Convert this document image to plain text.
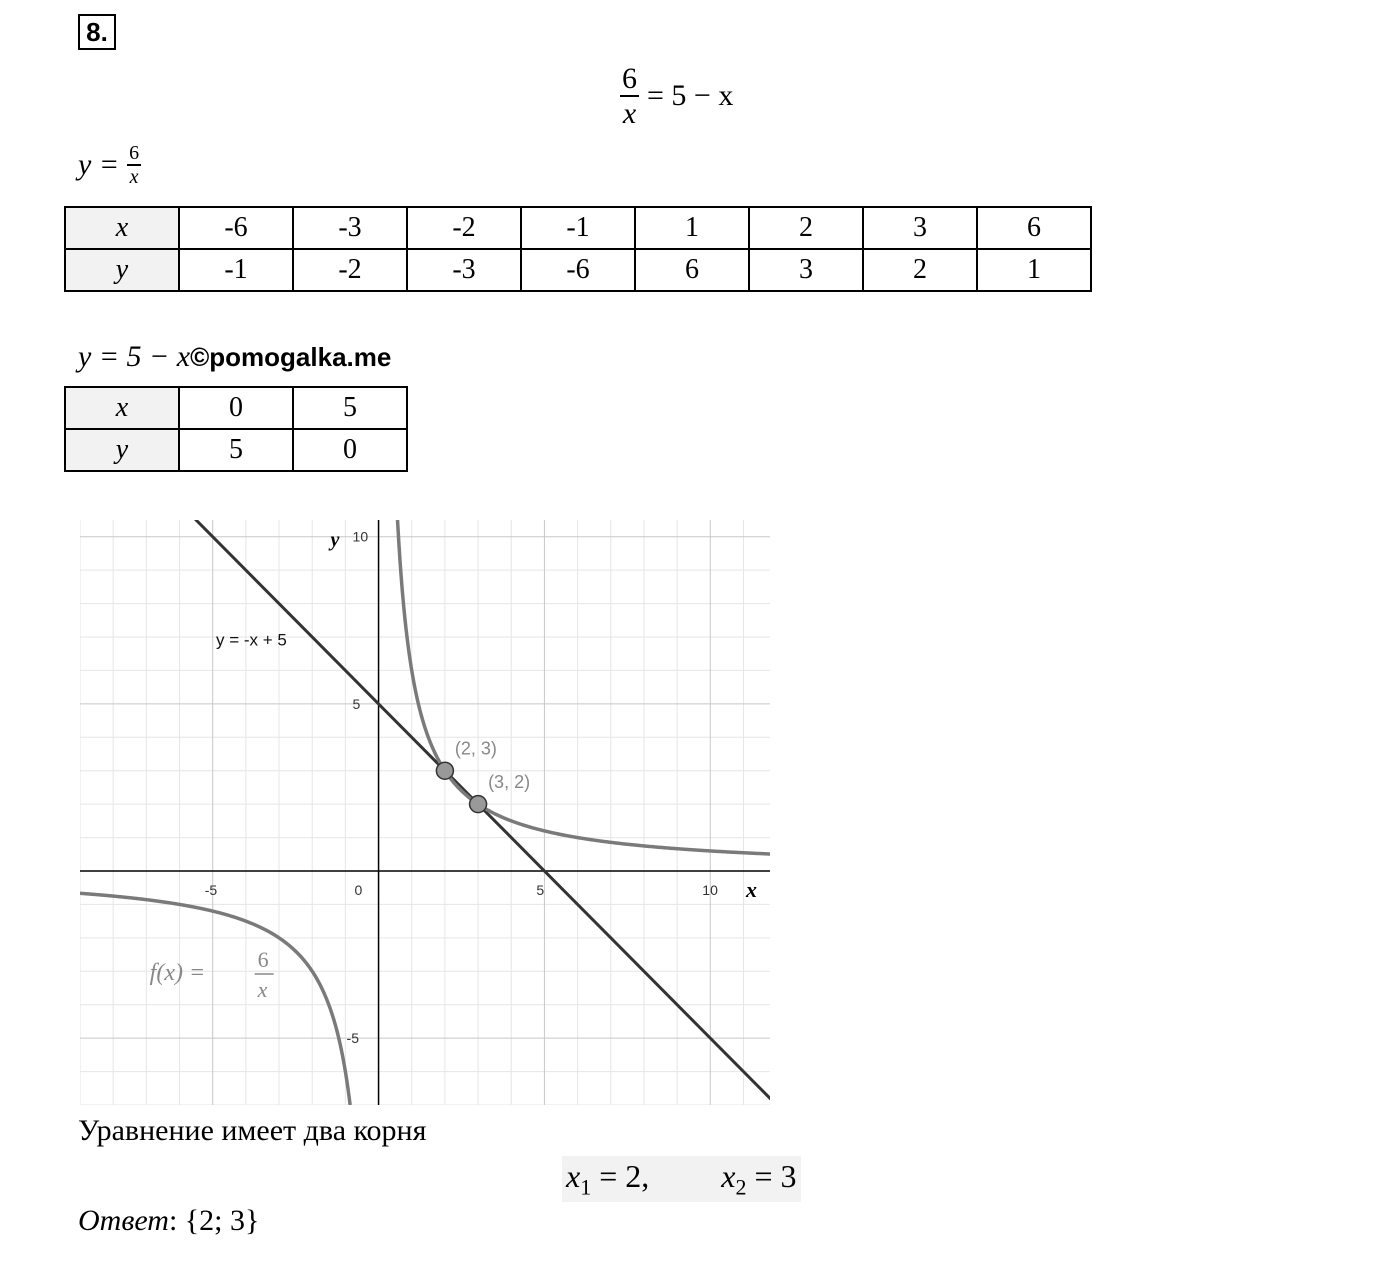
8.
$\frac{6}{x} = 5 - x$
$y = \frac{6}{x}$
x	-6	-3	-2	-1	1	2	3	6
y	-1	-2	-3	-6	6	3	2	1
y = 5 − x ©pomogalka.me
x	0	5
y	5	0
-5	0	5	10
10
5
-5
x
y
(2, 3)
(3, 2)
y = -x + 5
f(x) =
6
x
Уравнение имеет два корня
$x_1 = 2$, $x_2 = 3$
Ответ: {2; 3}
